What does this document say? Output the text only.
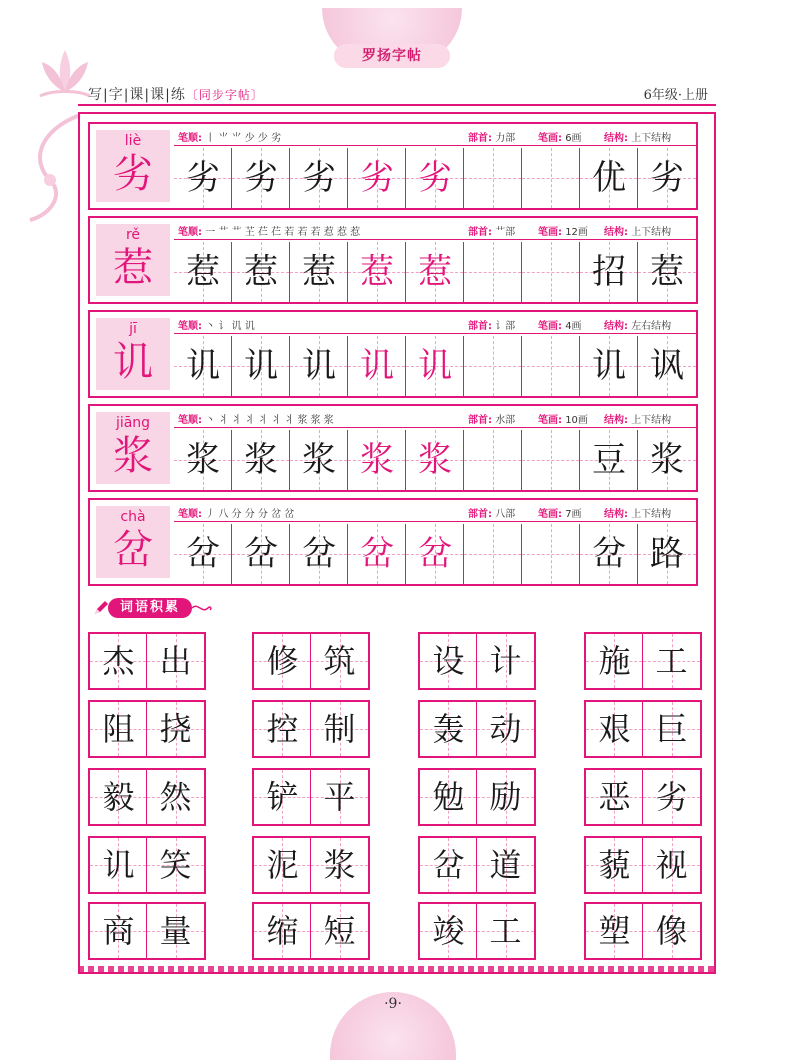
罗扬字帖
写|字|课|课|练〔同步字帖〕	6年级·上册
liè
劣
笔顺: 丨 ⺌ ⺌ 少 少 劣	部首: 力部 笔画: 6画 结构: 上下结构
劣 劣 劣 劣 劣	优 劣
rě
惹
笔顺: 一 艹 艹 芏 芢 芢 若 若 若 惹 惹 惹	部首: 艹部 笔画: 12画 结构: 上下结构
惹 惹 惹 惹 惹	招 惹
jī
讥
笔顺: 丶 讠 讥 讥	部首: 讠部 笔画: 4画 结构: 左右结构
讥 讥 讥 讥 讥	讥 讽
jiāng
浆
笔顺: 丶 丬 丬 丬 丬 丬 丬 浆 浆 浆	部首: 水部 笔画: 10画 结构: 上下结构
浆 浆 浆 浆 浆	豆 浆
chà
岔
笔顺: 丿 八 分 分 分 岔 岔	部首: 八部 笔画: 7画 结构: 上下结构
岔 岔 岔 岔 岔	岔 路
词语积累
杰 出	修 筑	设 计	施 工
阻 挠	控 制	轰 动	艰 巨
毅 然	铲 平	勉 励	恶 劣
讥 笑	泥 浆	岔 道	藐 视
商 量	缩 短	竣 工	塑 像
·9·
